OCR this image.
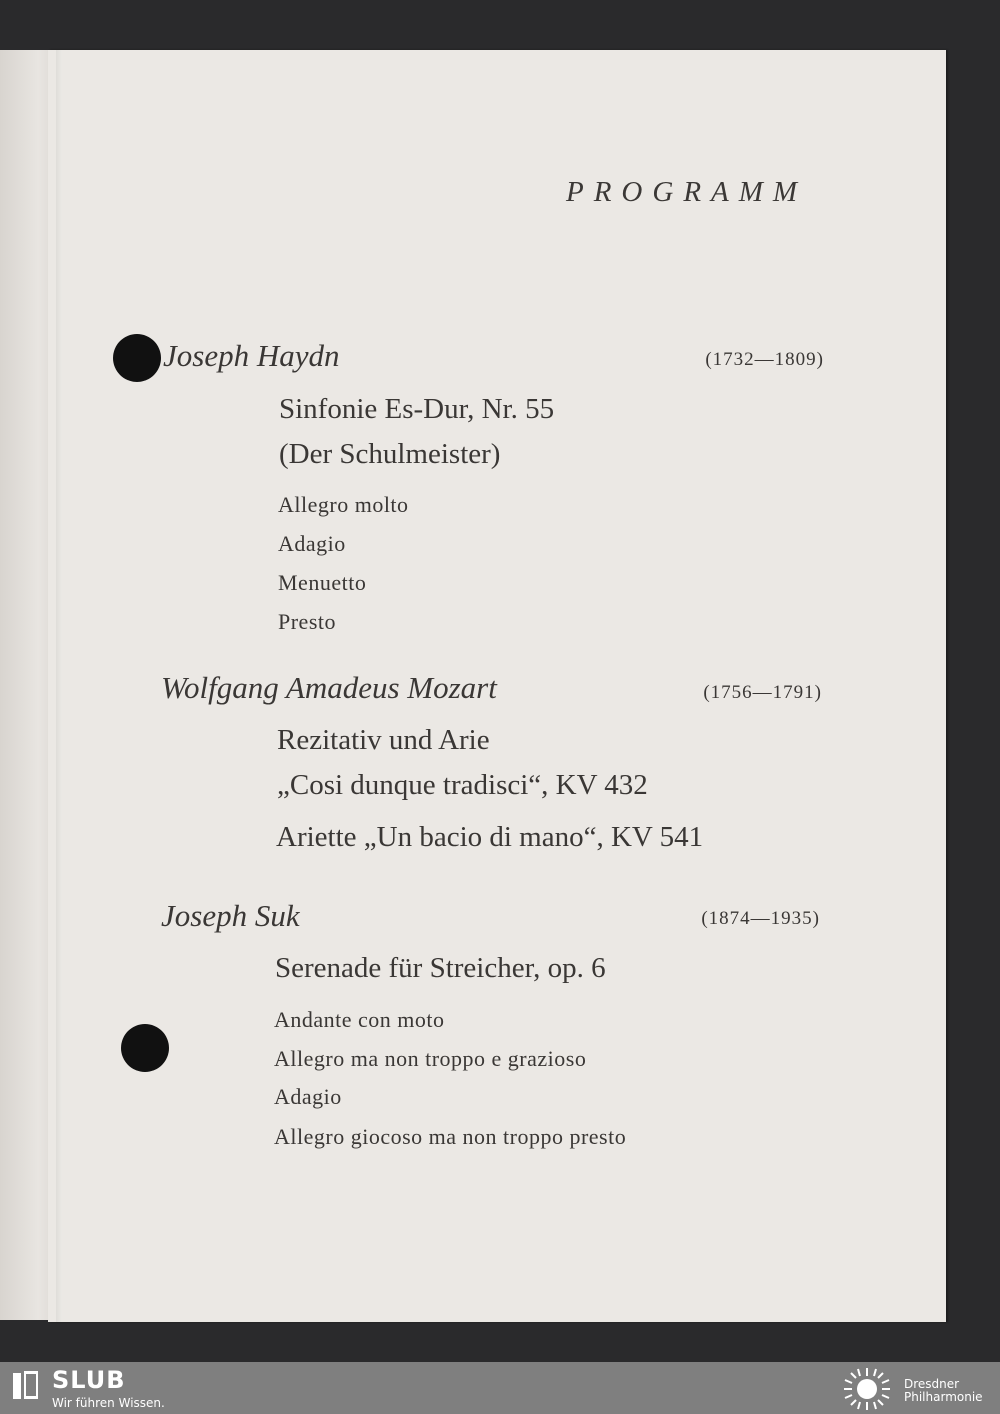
PROGRAMM
Joseph Haydn	(1732—1809)
Sinfonie Es-Dur, Nr. 55
(Der Schulmeister)
Allegro molto
Adagio
Menuetto
Presto
Wolfgang Amadeus Mozart	(1756—1791)
Rezitativ und Arie
„Cosi dunque tradisci“, KV 432
Ariette „Un bacio di mano“, KV 541
Joseph Suk	(1874—1935)
Serenade für Streicher, op. 6
Andante con moto
Allegro ma non troppo e grazioso
Adagio
Allegro giocoso ma non troppo presto
SLUB
Wir führen Wissen.
Dresdner
Philharmonie
